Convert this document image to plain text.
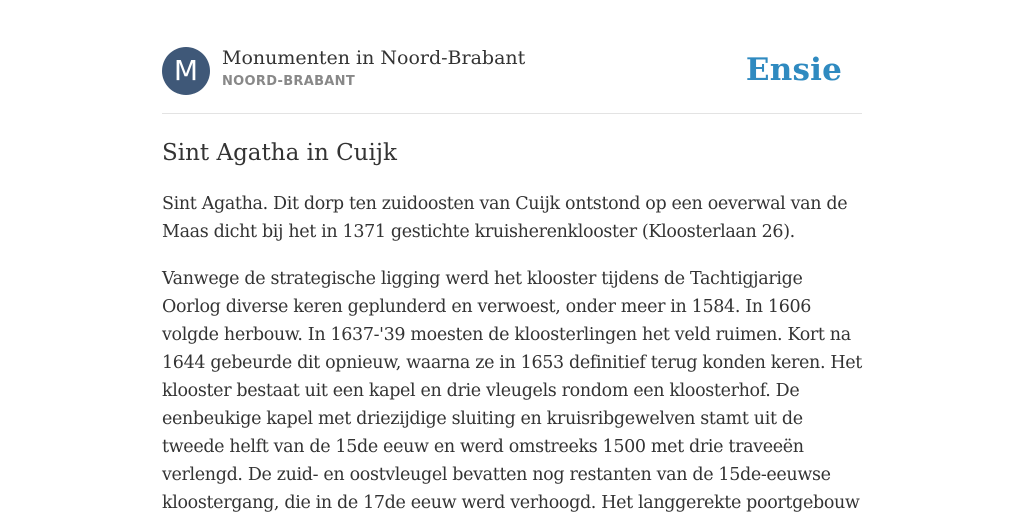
M	Monumenten in Noord-Brabant
NOORD-BRABANT	Ensie
Sint Agatha in Cuijk

Sint Agatha. Dit dorp ten zuidoosten van Cuijk ontstond op een oeverwal van de Maas dicht bij het in 1371 gestichte kruisherenklooster (Kloosterlaan 26).

Vanwege de strategische ligging werd het klooster tijdens de Tachtigjarige Oorlog diverse keren geplunderd en verwoest, onder meer in 1584. In 1606 volgde herbouw. In 1637-'39 moesten de kloosterlingen het veld ruimen. Kort na 1644 gebeurde dit opnieuw, waarna ze in 1653 definitief terug konden keren. Het klooster bestaat uit een kapel en drie vleugels rondom een kloosterhof. De eenbeukige kapel met driezijdige sluiting en kruisribgewelven stamt uit de tweede helft van de 15de eeuw en werd omstreeks 1500 met drie traveeën verlengd. De zuid- en oostvleugel bevatten nog restanten van de 15de-eeuwse kloostergang, die in de 17de eeuw werd verhoogd. Het langgerekte poortgebouw
